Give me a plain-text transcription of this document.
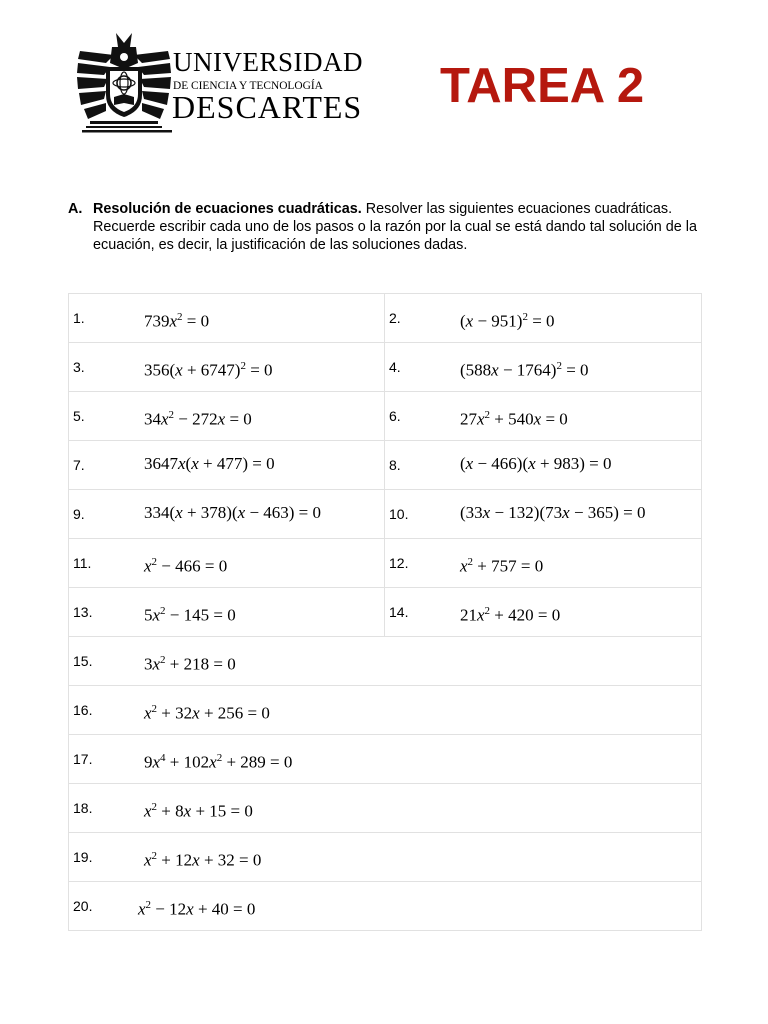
UNIVERSIDAD
DE CIENCIA Y TECNOLOGÍA
DESCARTES TAREA 2
A. Resolución de ecuaciones cuadráticas. Resolver las siguientes ecuaciones cuadráticas. Recuerde escribir cada uno de los pasos o la razón por la cual se está dando tal solución de la ecuación, es decir, la justificación de las soluciones dadas.
1. $739x^2 = 0$	2. $(x - 951)^2 = 0$

3. $356(x + 6747)^2 = 0$	4. $(588x - 1764)^2 = 0$

5. $34x^2 - 272x = 0$	6. $27x^2 + 540x = 0$

7. 3647x(x + 477) = 0	8. (x − 466)(x + 983) = 0

9. 334(x + 378)(x − 463) = 0	10. (33x − 132)(73x − 365) = 0

11. $x^2 - 466 = 0$	12. $x^2 + 757 = 0$

13. $5x^2 - 145 = 0$	14. $21x^2 + 420 = 0$

15. $3x^2 + 218 = 0$	

16. $x^2 + 32x + 256 = 0$	

17. $9x^4 + 102x^2 + 289 = 0$	

18. $x^2 + 8x + 15 = 0$	

19. $x^2 + 12x + 32 = 0$	

20. $x^2 - 12x + 40 = 0$	
